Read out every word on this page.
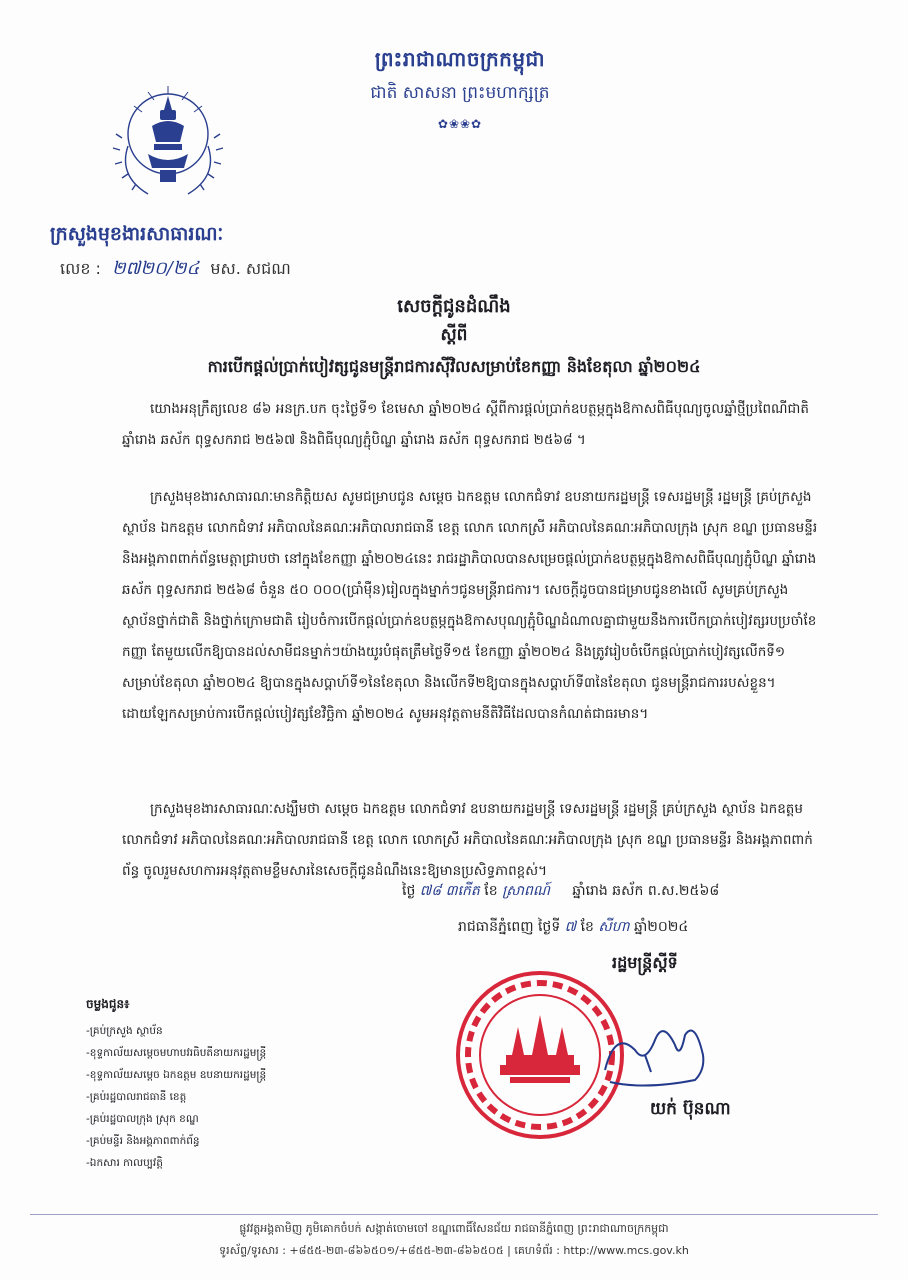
ព្រះរាជាណាចក្រកម្ពុជា
ជាតិ សាសនា ព្រះមហាក្សត្រ
✿❀❀✿
ក្រសួងមុខងារសាធារណៈ
លេខ : ២៧២០/២៤ មស. សជណ
សេចក្តីជូនដំណឹង
ស្តីពី
ការបើកផ្តល់ប្រាក់បៀវត្សជូនមន្ត្រីរាជការស៊ីវិលសម្រាប់ខែកញ្ញា និងខែតុលា ឆ្នាំ២០២៤
យោងអនុក្រឹត្យលេខ ៨៦ អនក្រ.បក ចុះថ្ងៃទី១ ខែមេសា ឆ្នាំ២០២៤ ស្តីពីការផ្តល់ប្រាក់ឧបត្ថម្ភក្នុងឱកាសពិធីបុណ្យចូលឆ្នាំថ្មីប្រពៃណីជាតិ ឆ្នាំរោង ឆស័ក ពុទ្ធសករាជ ២៥៦៧ និងពិធីបុណ្យភ្ជុំបិណ្ឌ ឆ្នាំរោង ឆស័ក ពុទ្ធសករាជ ២៥៦៨ ។
ក្រសួងមុខងារសាធារណៈមានកិត្តិយស សូមជម្រាបជូន សម្តេច ឯកឧត្តម លោកជំទាវ ឧបនាយករដ្ឋមន្ត្រី ទេសរដ្ឋមន្ត្រី រដ្ឋមន្ត្រី គ្រប់ក្រសួង ស្ថាប័ន ឯកឧត្តម លោកជំទាវ អភិបាលនៃគណៈអភិបាលរាជធានី ខេត្ត លោក លោកស្រី អភិបាលនៃគណៈអភិបាលក្រុង ស្រុក ខណ្ឌ ប្រធានមន្ទីរ និងអង្គភាពពាក់ព័ន្ធមេត្តាជ្រាបថា នៅក្នុងខែកញ្ញា ឆ្នាំ២០២៤នេះ រាជរដ្ឋាភិបាលបានសម្រេចផ្តល់ប្រាក់ឧបត្ថម្ភក្នុងឱកាសពិធីបុណ្យភ្ជុំបិណ្ឌ ឆ្នាំរោង ឆស័ក ពុទ្ធសករាជ ២៥៦៨ ចំនួន ៥០ ០០០(ប្រាំម៉ឺន)រៀលក្នុងម្នាក់ៗជូនមន្ត្រីរាជការ។ សេចក្តីដូចបានជម្រាបជូនខាងលើ សូមគ្រប់ក្រសួង ស្ថាប័នថ្នាក់ជាតិ និងថ្នាក់ក្រោមជាតិ រៀបចំការបើកផ្តល់ប្រាក់ឧបត្ថម្ភក្នុងឱកាសបុណ្យភ្ជុំបិណ្ឌដំណាលគ្នាជាមួយនឹងការបើកប្រាក់បៀវត្សរបប្រចាំខែកញ្ញា តែមួយលើកឱ្យបានដល់សាមីជនម្នាក់ៗយ៉ាងយូរបំផុតត្រឹមថ្ងៃទី១៥ ខែកញ្ញា ឆ្នាំ២០២៤ និងត្រូវរៀបចំបើកផ្តល់ប្រាក់បៀវត្សលើកទី១ សម្រាប់ខែតុលា ឆ្នាំ២០២៤ ឱ្យបានក្នុងសប្តាហ៍ទី១នៃខែតុលា និងលើកទី២ឱ្យបានក្នុងសប្តាហ៍ទី៣នៃខែតុលា ជូនមន្ត្រីរាជការរបស់ខ្លួន។ ដោយឡែកសម្រាប់ការបើកផ្តល់បៀវត្សខែវិច្ឆិកា ឆ្នាំ២០២៤ សូមអនុវត្តតាមនីតិវិធីដែលបានកំណត់ជាធរមាន។
ក្រសួងមុខងារសាធារណៈសង្ឃឹមថា សម្តេច ឯកឧត្តម លោកជំទាវ ឧបនាយករដ្ឋមន្ត្រី ទេសរដ្ឋមន្ត្រី រដ្ឋមន្ត្រី គ្រប់ក្រសួង ស្ថាប័ន ឯកឧត្តម លោកជំទាវ អភិបាលនៃគណៈអភិបាលរាជធានី ខេត្ត លោក លោកស្រី អភិបាលនៃគណៈអភិបាលក្រុង ស្រុក ខណ្ឌ ប្រធានមន្ទីរ និងអង្គភាពពាក់ព័ន្ធ ចូលរួមសហការអនុវត្តតាមខ្លឹមសារនៃសេចក្តីជូនដំណឹងនេះឱ្យមានប្រសិទ្ធភាពខ្ពស់។
ថ្ងៃ ៧៨ ៣កើត ខែ ស្រាពណ៍ ឆ្នាំរោង ឆស័ក ព.ស.២៥៦៨
រាជធានីភ្នំពេញ ថ្ងៃទី ៧ ខែ សីហា ឆ្នាំ២០២៤
រដ្ឋមន្ត្រីស្តីទី
យក់ ប៊ុនណា
ចម្លងជូន៖
-គ្រប់ក្រសួង ស្ថាប័ន
-ខុទ្ទកាល័យសម្តេចមហាបវរធិបតីនាយករដ្ឋមន្ត្រី
-ខុទ្ទកាល័យសម្តេច ឯកឧត្តម ឧបនាយករដ្ឋមន្ត្រី
-គ្រប់រដ្ឋបាលរាជធានី ខេត្ត
-គ្រប់រដ្ឋបាលក្រុង ស្រុក ខណ្ឌ
-គ្រប់មន្ទីរ និងអង្គភាពពាក់ព័ន្ធ
-ឯកសារ កាលប្បវត្តិ
ផ្លូវវត្តអង្គតាមិញ ភូមិគោកចំបក់ សង្កាត់ចោមចៅ ខណ្ឌពោធិ៍សែនជ័យ រាជធានីភ្នំពេញ ព្រះរាជាណាចក្រកម្ពុជា
ទូរស័ព្ទ/ទូរសារ : +៨៥៥-២៣-៨៦៦៥០១/+៨៥៥-២៣-៨៦៦៥០៥ | គេហទំព័រ : http://www.mcs.gov.kh
